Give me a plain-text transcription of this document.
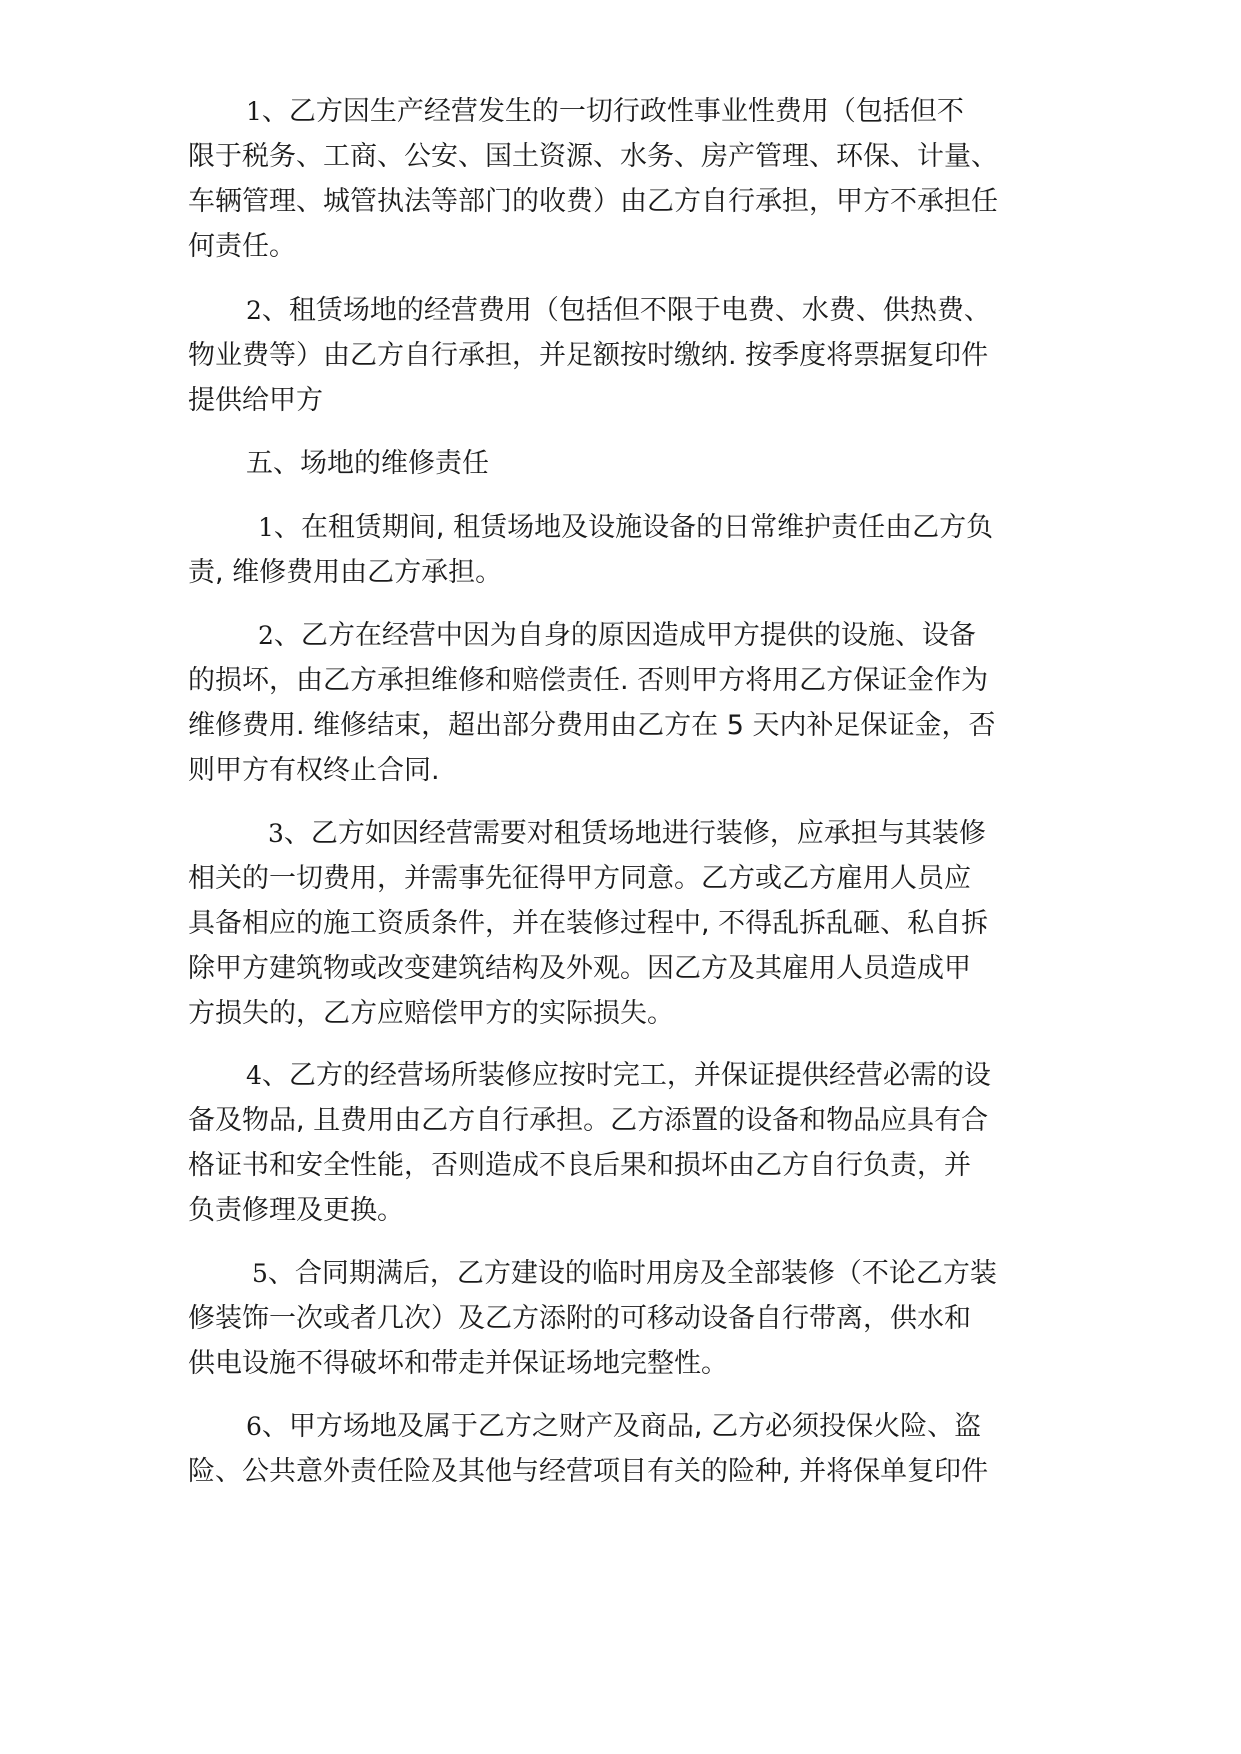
1、乙方因生产经营发生的一切行政性事业性费用（包括但不
限于税务、工商、公安、国土资源、水务、房产管理、环保、计量、
车辆管理、城管执法等部门的收费）由乙方自行承担，甲方不承担任
何责任。
2、租赁场地的经营费用（包括但不限于电费、水费、供热费、
物业费等）由乙方自行承担，并足额按时缴纳. 按季度将票据复印件
提供给甲方
五、场地的维修责任
1、在租赁期间, 租赁场地及设施设备的日常维护责任由乙方负
责, 维修费用由乙方承担。
2、乙方在经营中因为自身的原因造成甲方提供的设施、设备
的损坏，由乙方承担维修和赔偿责任. 否则甲方将用乙方保证金作为
维修费用. 维修结束，超出部分费用由乙方在 5 天内补足保证金，否
则甲方有权终止合同.
3、乙方如因经营需要对租赁场地进行装修，应承担与其装修
相关的一切费用，并需事先征得甲方同意。乙方或乙方雇用人员应
具备相应的施工资质条件，并在装修过程中, 不得乱拆乱砸、私自拆
除甲方建筑物或改变建筑结构及外观。因乙方及其雇用人员造成甲
方损失的，乙方应赔偿甲方的实际损失。
4、乙方的经营场所装修应按时完工，并保证提供经营必需的设
备及物品, 且费用由乙方自行承担。乙方添置的设备和物品应具有合
格证书和安全性能，否则造成不良后果和损坏由乙方自行负责，并
负责修理及更换。
5、合同期满后，乙方建设的临时用房及全部装修（不论乙方装
修装饰一次或者几次）及乙方添附的可移动设备自行带离，供水和
供电设施不得破坏和带走并保证场地完整性。
6、甲方场地及属于乙方之财产及商品, 乙方必须投保火险、盗
险、公共意外责任险及其他与经营项目有关的险种, 并将保单复印件
